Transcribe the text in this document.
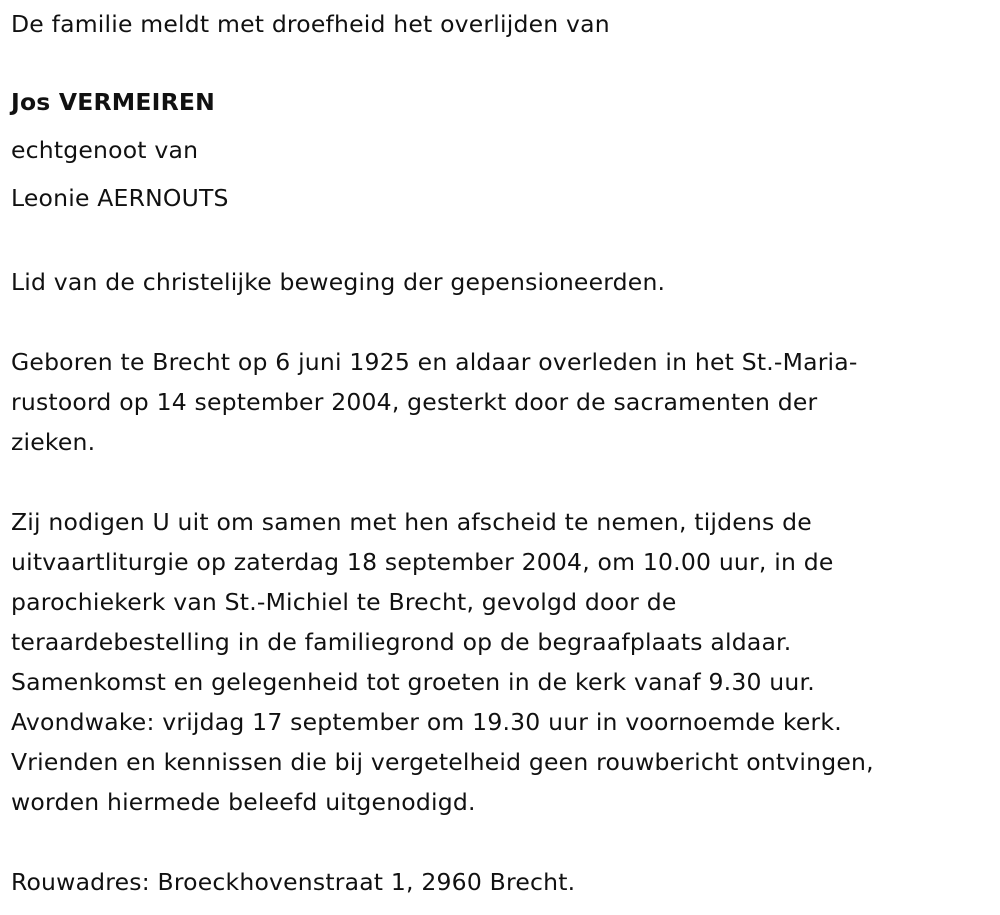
De familie meldt met droefheid het overlijden van
Jos VERMEIREN
echtgenoot van
Leonie AERNOUTS
Lid van de christelijke beweging der gepensioneerden.
Geboren te Brecht op 6 juni 1925 en aldaar overleden in het St.-Maria-
rustoord op 14 september 2004, gesterkt door de sacramenten der
zieken.
Zij nodigen U uit om samen met hen afscheid te nemen, tijdens de
uitvaartliturgie op zaterdag 18 september 2004, om 10.00 uur, in de
parochiekerk van St.-Michiel te Brecht, gevolgd door de
teraardebestelling in de familiegrond op de begraafplaats aldaar.
Samenkomst en gelegenheid tot groeten in de kerk vanaf 9.30 uur.
Avondwake: vrijdag 17 september om 19.30 uur in voornoemde kerk.
Vrienden en kennissen die bij vergetelheid geen rouwbericht ontvingen,
worden hiermede beleefd uitgenodigd.
Rouwadres: Broeckhovenstraat 1, 2960 Brecht.
